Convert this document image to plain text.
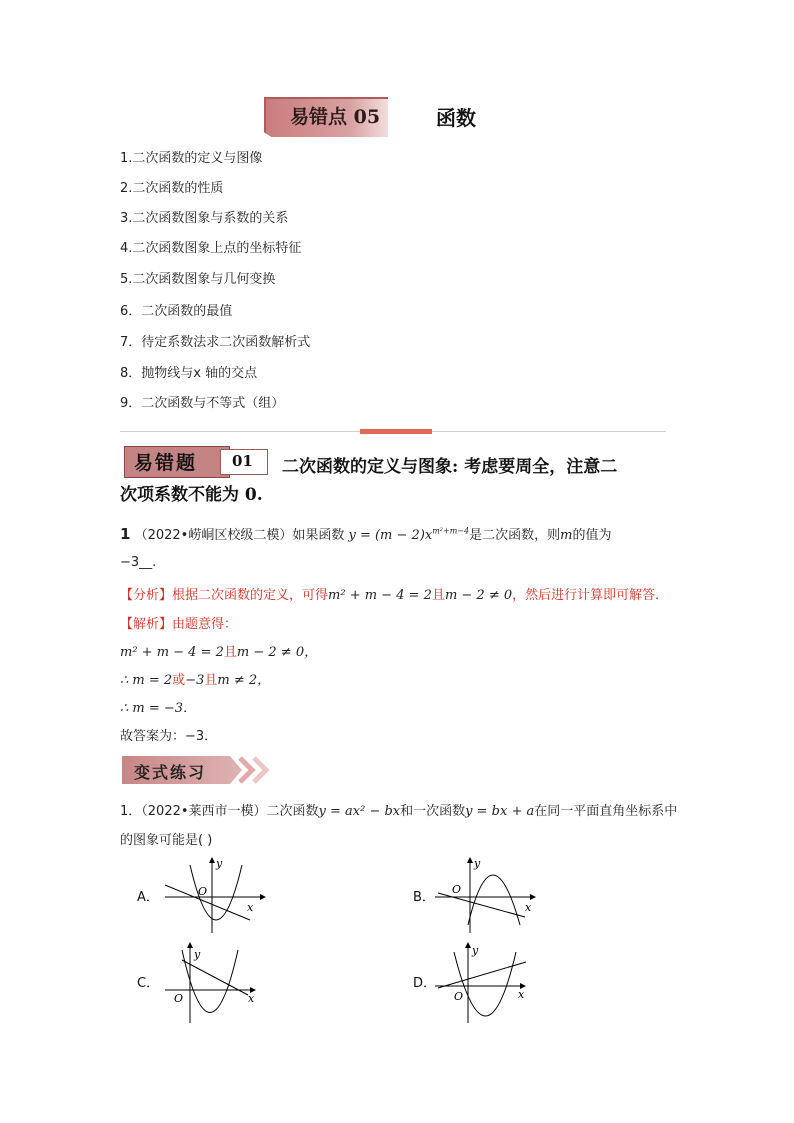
易错点 05	函数
1.二次函数的定义与图像
2.二次函数的性质
3.二次函数图象与系数的关系
4.二次函数图象上点的坐标特征
5.二次函数图象与几何变换
6．二次函数的最值
7．待定系数法求二次函数解析式
8．抛物线与x 轴的交点
9．二次函数与不等式（组）
易错题 01 二次函数的定义与图象: 考虑要周全，注意二
次项系数不能为 0.
1 （2022•崂峒区校级二模）如果函数 $y = (m - 2)x^{m^2+m-4}$是二次函数，则m的值为
−3__.
【分析】根据二次函数的定义，可得m² + m − 4 = 2且m − 2 ≠ 0，然后进行计算即可解答．
【解析】由题意得：
m² + m − 4 = 2且m − 2 ≠ 0，
∴ m = 2或−3且m ≠ 2，
∴ m = −3．
故答案为：−3．
变式练习
1．（2022•莱西市一模）二次函数y = ax² − bx和一次函数y = bx + a在同一平面直角坐标系中
的图象可能是( )
A．
y
O
x
B．
y
O
x
C．
y
O	x
D．
y
O	x
